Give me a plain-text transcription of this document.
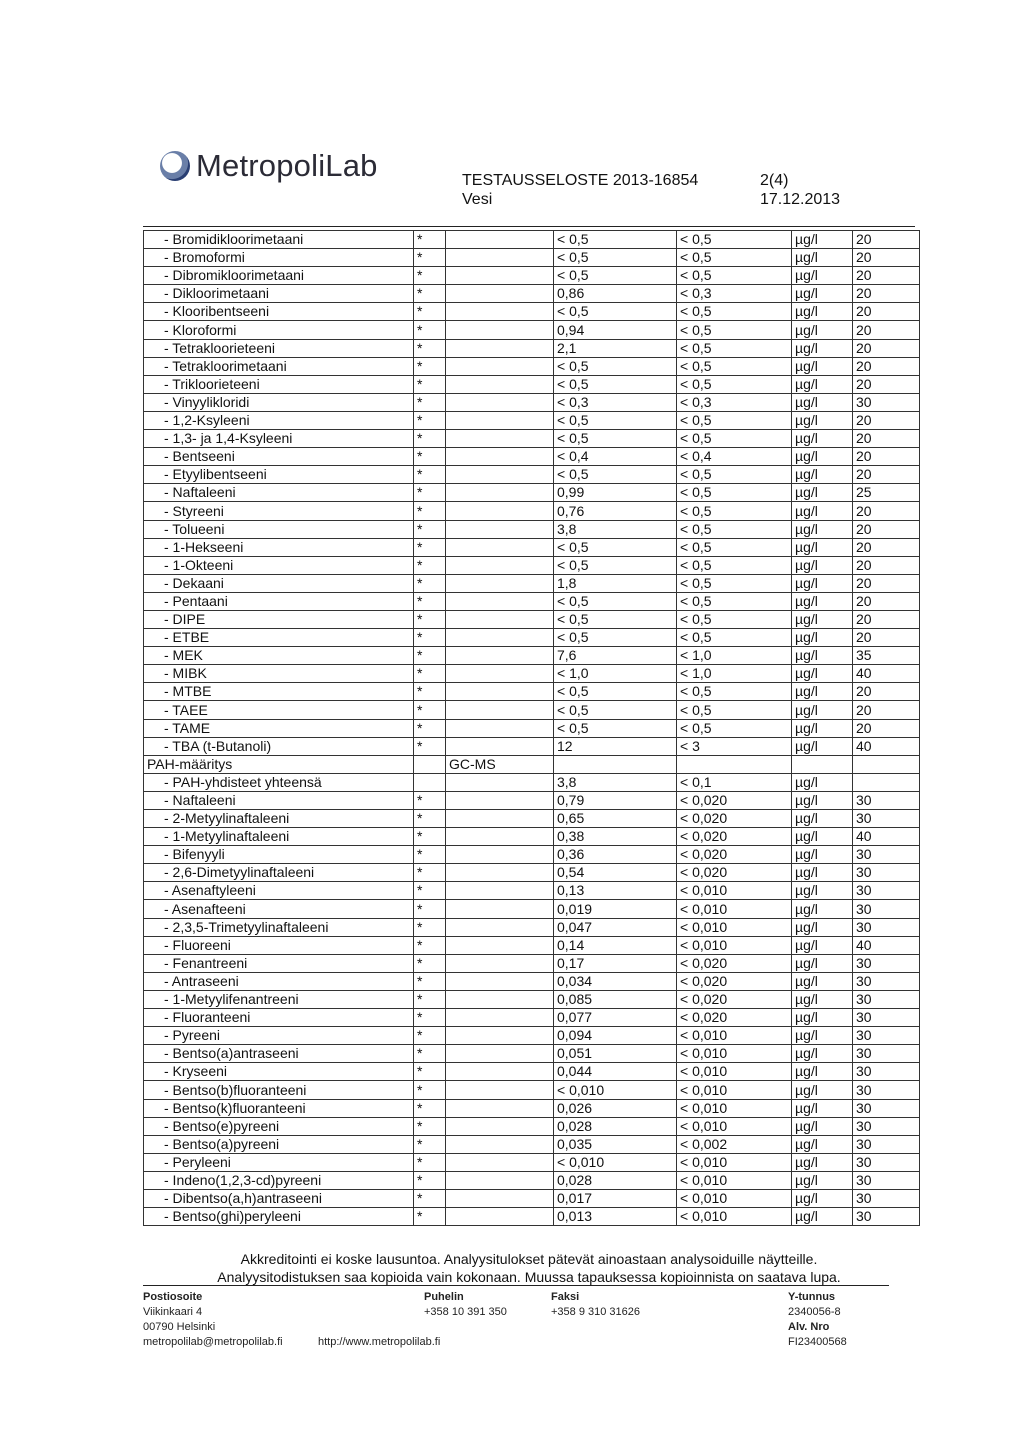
MetropoliLab	TESTAUSSELOSTE 2013-16854
Vesi
2(4)
17.12.2013
- Bromidikloorimetaani	*		< 0,5	< 0,5	µg/l	20
- Bromoformi	*		< 0,5	< 0,5	µg/l	20
- Dibromikloorimetaani	*		< 0,5	< 0,5	µg/l	20
- Dikloorimetaani	*		0,86	< 0,3	µg/l	20
- Klooribentseeni	*		< 0,5	< 0,5	µg/l	20
- Kloroformi	*		0,94	< 0,5	µg/l	20
- Tetrakloorieteeni	*		2,1	< 0,5	µg/l	20
- Tetrakloorimetaani	*		< 0,5	< 0,5	µg/l	20
- Trikloorieteeni	*		< 0,5	< 0,5	µg/l	20
- Vinyylikloridi	*		< 0,3	< 0,3	µg/l	30
- 1,2-Ksyleeni	*		< 0,5	< 0,5	µg/l	20
- 1,3- ja 1,4-Ksyleeni	*		< 0,5	< 0,5	µg/l	20
- Bentseeni	*		< 0,4	< 0,4	µg/l	20
- Etyylibentseeni	*		< 0,5	< 0,5	µg/l	20
- Naftaleeni	*		0,99	< 0,5	µg/l	25
- Styreeni	*		0,76	< 0,5	µg/l	20
- Tolueeni	*		3,8	< 0,5	µg/l	20
- 1-Hekseeni	*		< 0,5	< 0,5	µg/l	20
- 1-Okteeni	*		< 0,5	< 0,5	µg/l	20
- Dekaani	*		1,8	< 0,5	µg/l	20
- Pentaani	*		< 0,5	< 0,5	µg/l	20
- DIPE	*		< 0,5	< 0,5	µg/l	20
- ETBE	*		< 0,5	< 0,5	µg/l	20
- MEK	*		7,6	< 1,0	µg/l	35
- MIBK	*		< 1,0	< 1,0	µg/l	40
- MTBE	*		< 0,5	< 0,5	µg/l	20
- TAEE	*		< 0,5	< 0,5	µg/l	20
- TAME	*		< 0,5	< 0,5	µg/l	20
- TBA (t-Butanoli)	*		12	< 3	µg/l	40
PAH-määritys		GC-MS				
- PAH-yhdisteet yhteensä			3,8	< 0,1	µg/l	
- Naftaleeni	*		0,79	< 0,020	µg/l	30
- 2-Metyylinaftaleeni	*		0,65	< 0,020	µg/l	30
- 1-Metyylinaftaleeni	*		0,38	< 0,020	µg/l	40
- Bifenyyli	*		0,36	< 0,020	µg/l	30
- 2,6-Dimetyylinaftaleeni	*		0,54	< 0,020	µg/l	30
- Asenaftyleeni	*		0,13	< 0,010	µg/l	30
- Asenafteeni	*		0,019	< 0,010	µg/l	30
- 2,3,5-Trimetyylinaftaleeni	*		0,047	< 0,010	µg/l	30
- Fluoreeni	*		0,14	< 0,010	µg/l	40
- Fenantreeni	*		0,17	< 0,020	µg/l	30
- Antraseeni	*		0,034	< 0,020	µg/l	30
- 1-Metyylifenantreeni	*		0,085	< 0,020	µg/l	30
- Fluoranteeni	*		0,077	< 0,020	µg/l	30
- Pyreeni	*		0,094	< 0,010	µg/l	30
- Bentso(a)antraseeni	*		0,051	< 0,010	µg/l	30
- Kryseeni	*		0,044	< 0,010	µg/l	30
- Bentso(b)fluoranteeni	*		< 0,010	< 0,010	µg/l	30
- Bentso(k)fluoranteeni	*		0,026	< 0,010	µg/l	30
- Bentso(e)pyreeni	*		0,028	< 0,010	µg/l	30
- Bentso(a)pyreeni	*		0,035	< 0,002	µg/l	30
- Peryleeni	*		< 0,010	< 0,010	µg/l	30
- Indeno(1,2,3-cd)pyreeni	*		0,028	< 0,010	µg/l	30
- Dibentso(a,h)antraseeni	*		0,017	< 0,010	µg/l	30
- Bentso(ghi)peryleeni	*		0,013	< 0,010	µg/l	30
Akkreditointi ei koske lausuntoa. Analyysitulokset pätevät ainoastaan analysoiduille näytteille.
Analyysitodistuksen saa kopioida vain kokonaan. Muussa tapauksessa kopioinnista on saatava lupa.
Postiosoite
Viikinkaari 4
00790 Helsinki
metropolilab@metropolilab.fi	http://www.metropolilab.fi
Puhelin
+358 10 391 350
Faksi
+358 9 310 31626
Y-tunnus
2340056-8
Alv. Nro
FI23400568
